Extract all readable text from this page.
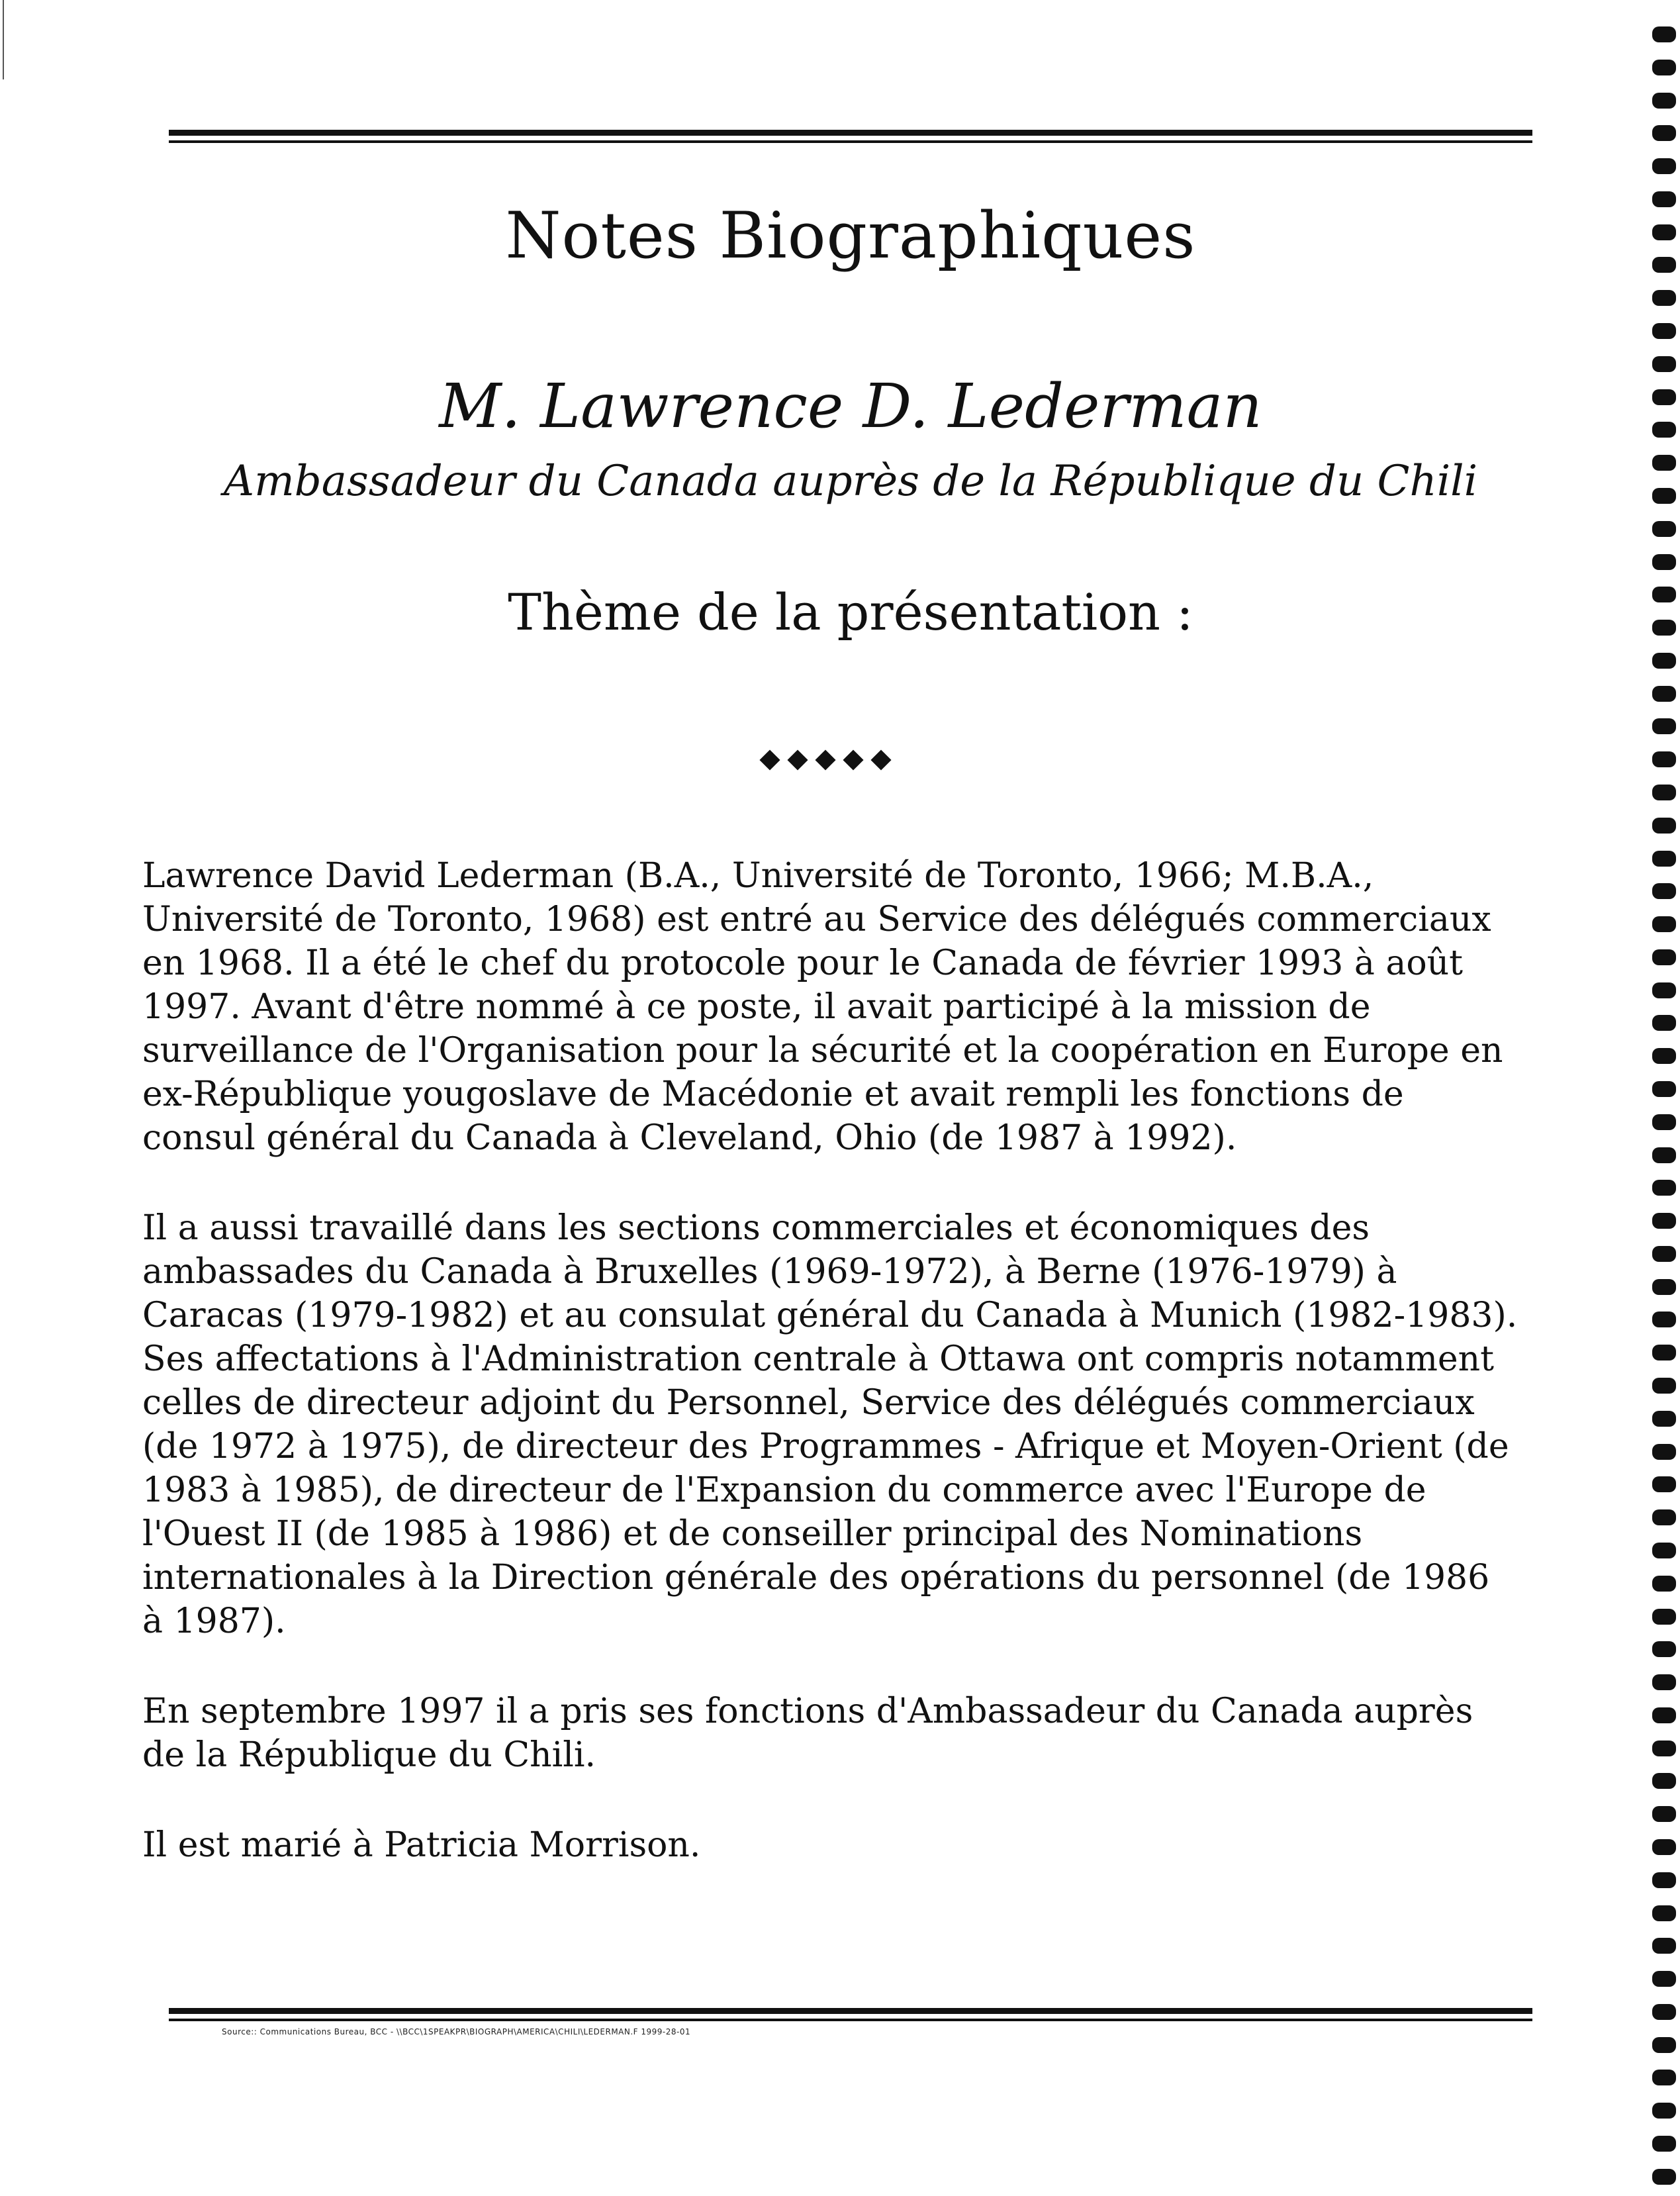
Notes Biographiques
M. Lawrence D. Lederman
Ambassadeur du Canada auprès de la République du Chili
Thème de la présentation :

Lawrence David Lederman (B.A., Université de Toronto, 1966; M.B.A., Université de Toronto, 1968) est entré au Service des délégués commerciaux en 1968. Il a été le chef du protocole pour le Canada de février 1993 à août 1997. Avant d'être nommé à ce poste, il avait participé à la mission de surveillance de l'Organisation pour la sécurité et la coopération en Europe en ex-République yougoslave de Macédonie et avait rempli les fonctions de consul général du Canada à Cleveland, Ohio (de 1987 à 1992).

Il a aussi travaillé dans les sections commerciales et économiques des ambassades du Canada à Bruxelles (1969-1972), à Berne (1976-1979) à Caracas (1979-1982) et au consulat général du Canada à Munich (1982-1983). Ses affectations à l'Administration centrale à Ottawa ont compris notamment celles de directeur adjoint du Personnel, Service des délégués commerciaux (de 1972 à 1975), de directeur des Programmes - Afrique et Moyen-Orient (de 1983 à 1985), de directeur de l'Expansion du commerce avec l'Europe de l'Ouest II (de 1985 à 1986) et de conseiller principal des Nominations internationales à la Direction générale des opérations du personnel (de 1986 à 1987).

En septembre 1997 il a pris ses fonctions d'Ambassadeur du Canada auprès de la République du Chili.

Il est marié à Patricia Morrison.

Source:: Communications Bureau, BCC - \\BCC\1SPEAKPR\BIOGRAPH\AMERICA\CHILI\LEDERMAN.F 1999-28-01
